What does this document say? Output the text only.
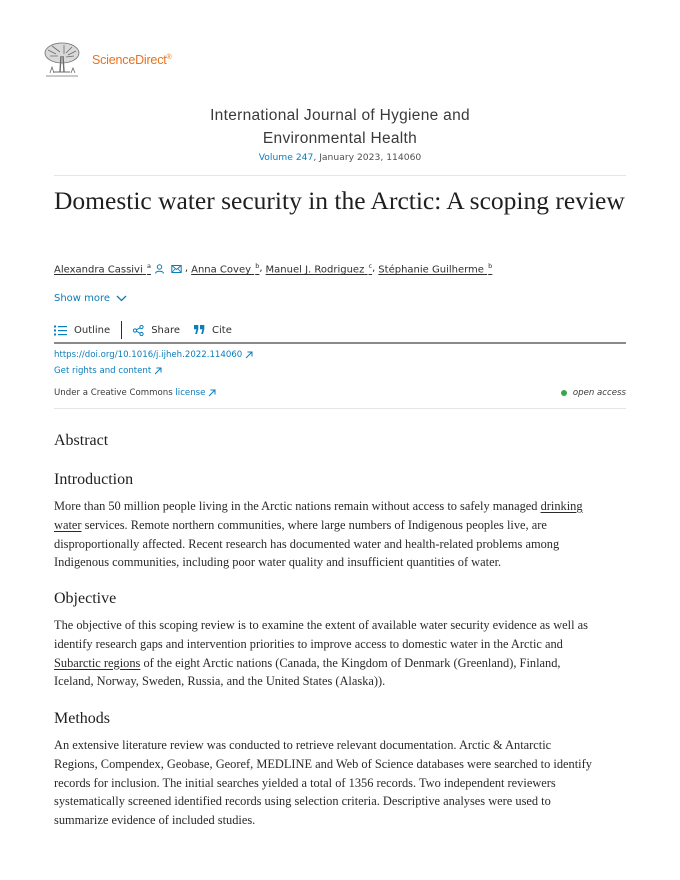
ScienceDirect®
International Journal of Hygiene and
Environmental Health
Volume 247, January 2023, 114060
Domestic water security in the Arctic: A scoping review
Alexandra Cassivi $^a$	, Anna Covey $^b$ , Manuel J. Rodriguez $^c$ , Stéphanie Guilherme $^b$
Show more
Outline	Share	Cite
https://doi.org/10.1016/j.ijheh.2022.114060
Get rights and content
Under a Creative Commons license	open access
Abstract
Introduction

More than 50 million people living in the Arctic nations remain without access to safely managed drinking
water services. Remote northern communities, where large numbers of Indigenous peoples live, are
disproportionally affected. Recent research has documented water and health-related problems among
Indigenous communities, including poor water quality and insufficient quantities of water.

Objective

The objective of this scoping review is to examine the extent of available water security evidence as well as
identify research gaps and intervention priorities to improve access to domestic water in the Arctic and
Subarctic regions of the eight Arctic nations (Canada, the Kingdom of Denmark (Greenland), Finland,
Iceland, Norway, Sweden, Russia, and the United States (Alaska)).

Methods

An extensive literature review was conducted to retrieve relevant documentation. Arctic & Antarctic
Regions, Compendex, Geobase, Georef, MEDLINE and Web of Science databases were searched to identify
records for inclusion. The initial searches yielded a total of 1356 records. Two independent reviewers
systematically screened identified records using selection criteria. Descriptive analyses were used to
summarize evidence of included studies.
